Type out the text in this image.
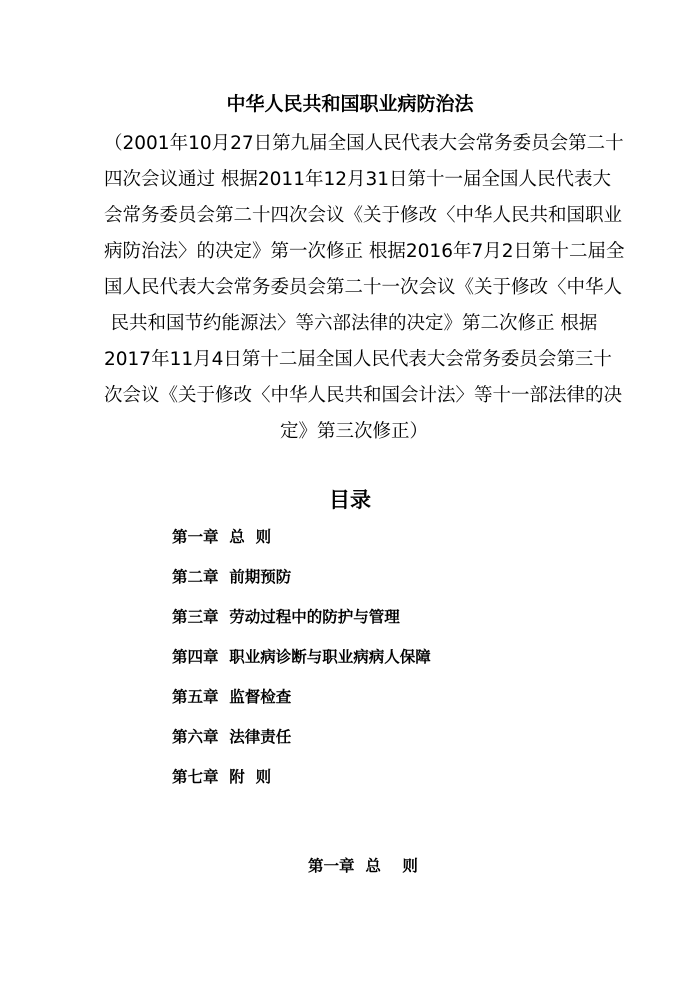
中华人民共和国职业病防治法
（2001年10月27日第九届全国人民代表大会常务委员会第二十
四次会议通过 根据2011年12月31日第十一届全国人民代表大
会常务委员会第二十四次会议《关于修改〈中华人民共和国职业
病防治法〉的决定》第一次修正 根据2016年7月2日第十二届全
国人民代表大会常务委员会第二十一次会议《关于修改〈中华人
民共和国节约能源法〉等六部法律的决定》第二次修正 根据
2017年11月4日第十二届全国人民代表大会常务委员会第三十
次会议《关于修改〈中华人民共和国会计法〉等十一部法律的决
定》第三次修正）
目录
第一章  总  则
第二章  前期预防
第三章  劳动过程中的防护与管理
第四章  职业病诊断与职业病病人保障
第五章  监督检查
第六章  法律责任
第七章  附  则
第一章  总    则
